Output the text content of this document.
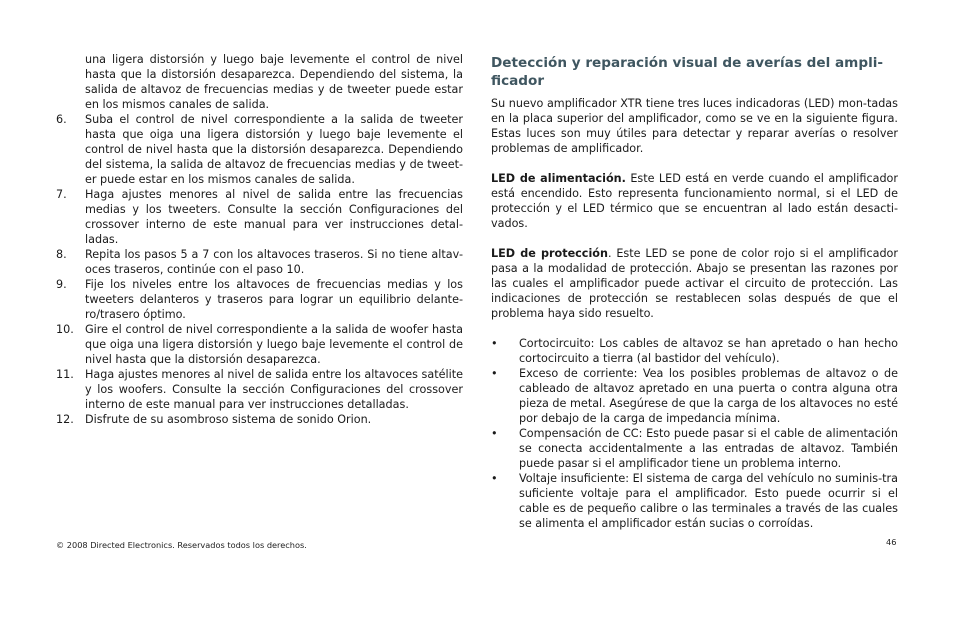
una ligera distorsión y luego baje levemente el control de nivel hasta que la distorsión desaparezca. Dependiendo del sistema, la salida de altavoz de frecuencias medias y de tweeter puede estar en los mismos canales de salida.

6.	Suba el control de nivel correspondiente a la salida de tweeter hasta que oiga una ligera distorsión y luego baje levemente el control de nivel hasta que la distorsión desaparezca. Dependiendo del sistema, la salida de altavoz de frecuencias medias y de tweet-er puede estar en los mismos canales de salida.
7.	Haga ajustes menores al nivel de salida entre las frecuencias medias y los tweeters. Consulte la sección Configuraciones del crossover interno de este manual para ver instrucciones detal-ladas.
8.	Repita los pasos 5 a 7 con los altavoces traseros. Si no tiene altav-oces traseros, continúe con el paso 10.
9.	Fije los niveles entre los altavoces de frecuencias medias y los tweeters delanteros y traseros para lograr un equilibrio delante-ro/trasero óptimo.
10.	Gire el control de nivel correspondiente a la salida de woofer hasta que oiga una ligera distorsión y luego baje levemente el control de nivel hasta que la distorsión desaparezca.
11.	Haga ajustes menores al nivel de salida entre los altavoces satélite y los woofers. Consulte la sección Configuraciones del crossover interno de este manual para ver instrucciones detalladas.
12.	Disfrute de su asombroso sistema de sonido Orion.
Detección y reparación visual de averías del ampli-ficador

Su nuevo amplificador XTR tiene tres luces indicadoras (LED) mon-tadas en la placa superior del amplificador, como se ve en la siguiente figura. Estas luces son muy útiles para detectar y reparar averías o resolver problemas de amplificador.

LED de alimentación. Este LED está en verde cuando el amplificador está encendido. Esto representa funcionamiento normal, si el LED de protección y el LED térmico que se encuentran al lado están desacti-vados.

LED de protección. Este LED se pone de color rojo si el amplificador pasa a la modalidad de protección. Abajo se presentan las razones por las cuales el amplificador puede activar el circuito de protección. Las indicaciones de protección se restablecen solas después de que el problema haya sido resuelto.

•	Cortocircuito: Los cables de altavoz se han apretado o han hecho cortocircuito a tierra (al bastidor del vehículo).
•	Exceso de corriente: Vea los posibles problemas de altavoz o de cableado de altavoz apretado en una puerta o contra alguna otra pieza de metal. Asegúrese de que la carga de los altavoces no esté por debajo de la carga de impedancia mínima.
•	Compensación de CC: Esto puede pasar si el cable de alimentación se conecta accidentalmente a las entradas de altavoz. También puede pasar si el amplificador tiene un problema interno.
•	Voltaje insuficiente: El sistema de carga del vehículo no suminis-tra suficiente voltaje para el amplificador. Esto puede ocurrir si el cable es de pequeño calibre o las terminales a través de las cuales se alimenta el amplificador están sucias o corroídas.
© 2008 Directed Electronics. Reservados todos los derechos.	46
